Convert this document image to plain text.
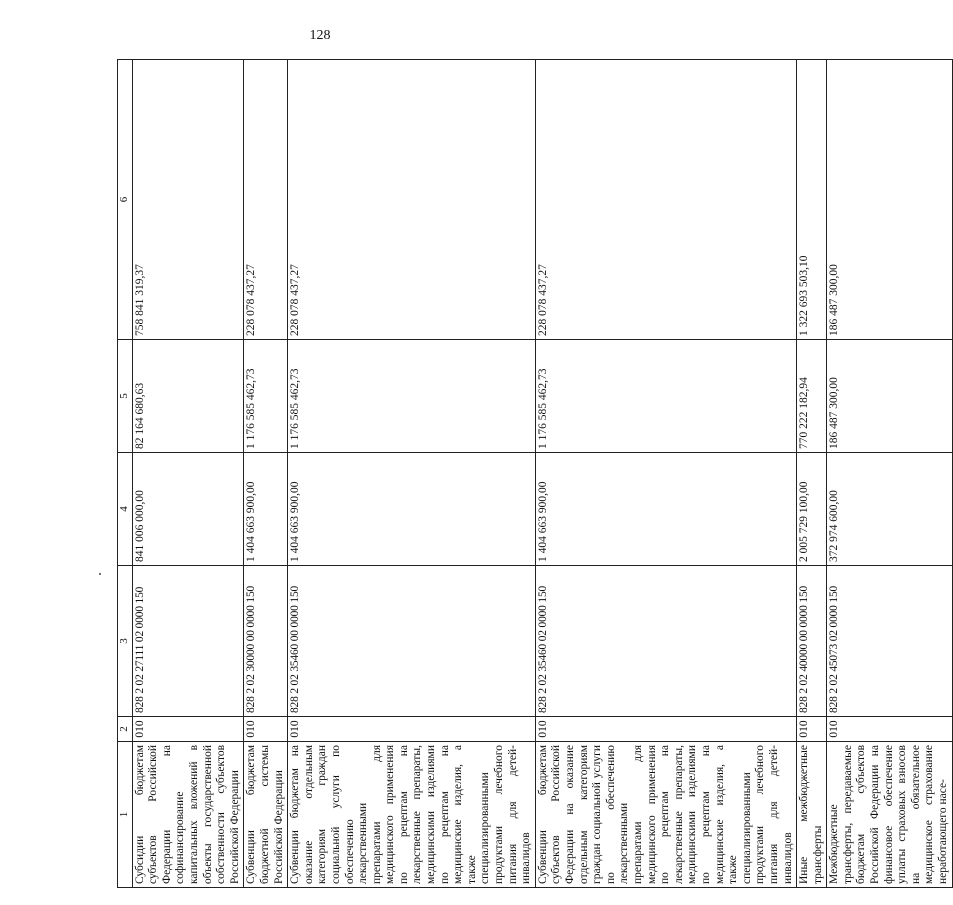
128
1	2	3	4	5	6
Субсидии бюджетам субъектов Российской Федерации на софинансирование капитальных вложений в объекты государственной собственности субъектов Российской Федерации	010	828 2 02 27111 02 0000 150	841 006 000,00	82 164 680,63	758 841 319,37
Субвенции бюджетам бюджетной системы Российской Федерации	010	828 2 02 30000 00 0000 150	1 404 663 900,00	1 176 585 462,73	228 078 437,27
Субвенции бюджетам на оказание отдельным категориям граждан социальной услуги по обеспечению лекарственными препаратами для медицинского применения по рецептам на лекарственные препараты, медицинскими изделиями по рецептам на медицинские изделия, а также специализированными продуктами лечебного питания для детей-инвалидов	010	828 2 02 35460 00 0000 150	1 404 663 900,00	1 176 585 462,73	228 078 437,27
Субвенции бюджетам субъектов Российской Федерации на оказание отдельным категориям граждан социальной услуги по обеспечению лекарственными препаратами для медицинского применения по рецептам на лекарственные препараты, медицинскими изделиями по рецептам на медицинские изделия, а также специализированными продуктами лечебного питания для детей-инвалидов	010	828 2 02 35460 02 0000 150	1 404 663 900,00	1 176 585 462,73	228 078 437,27
Иные межбюджетные трансферты	010	828 2 02 40000 00 0000 150	2 005 729 100,00	770 222 182,94	1 322 693 503,10
Межбюджетные трансферты, передаваемые бюджетам субъектов Российской Федерации на финансовое обеспечение уплаты страховых взносов на обязательное медицинское страхование неработающего насе-	010	828 2 02 45073 02 0000 150	372 974 600,00	186 487 300,00	186 487 300,00
